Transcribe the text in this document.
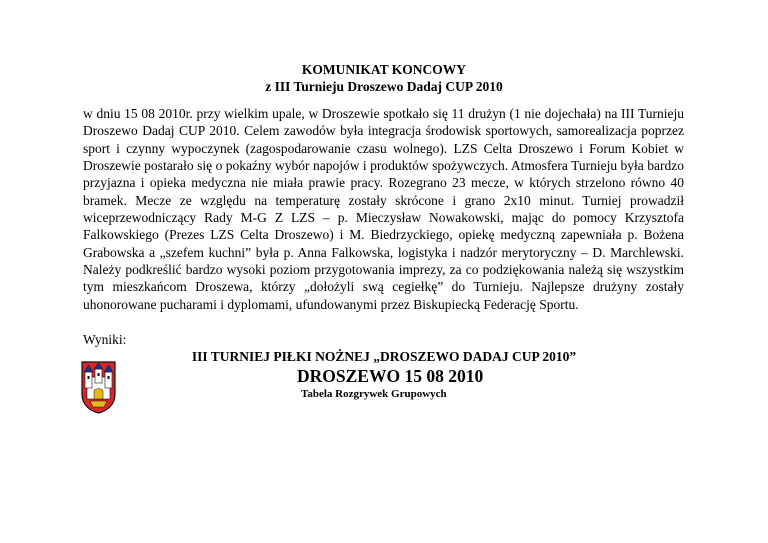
KOMUNIKAT KONCOWY
z III Turnieju Droszewo Dadaj CUP 2010
w dniu 15 08 2010r. przy wielkim upale, w Droszewie spotkało się 11 drużyn (1 nie dojechała) na III Turnieju Droszewo Dadaj CUP 2010. Celem zawodów była integracja środowisk sportowych, samorealizacja poprzez sport i czynny wypoczynek (zagospodarowanie czasu wolnego). LZS Celta Droszewo i Forum Kobiet w Droszewie postarało się o pokaźny wybór napojów i produktów spożywczych. Atmosfera Turnieju była bardzo przyjazna i opieka medyczna nie miała prawie pracy. Rozegrano 23 mecze, w których strzelono równo 40 bramek. Mecze ze względu na temperaturę zostały skrócone i grano 2x10 minut. Turniej prowadził wiceprzewodniczący Rady M-G Z LZS – p. Mieczysław Nowakowski, mając do pomocy Krzysztofa Falkowskiego (Prezes LZS Celta Droszewo) i M. Biedrzyckiego, opiekę medyczną zapewniała p. Bożena Grabowska a „szefem kuchni” była p. Anna Falkowska, logistyka i nadzór merytoryczny – D. Marchlewski. Należy podkreślić bardzo wysoki poziom przygotowania imprezy, za co podziękowania należą się wszystkim tym mieszkańcom Droszewa, którzy „dołożyli swą cegiełkę” do Turnieju. Najlepsze drużyny zostały uhonorowane pucharami i dyplomami, ufundowanymi przez Biskupiecką Federację Sportu.
Wyniki:
III TURNIEJ PIŁKI NOŻNEJ „DROSZEWO DADAJ CUP 2010”
DROSZEWO 15 08 2010
Tabela Rozgrywek Grupowych
